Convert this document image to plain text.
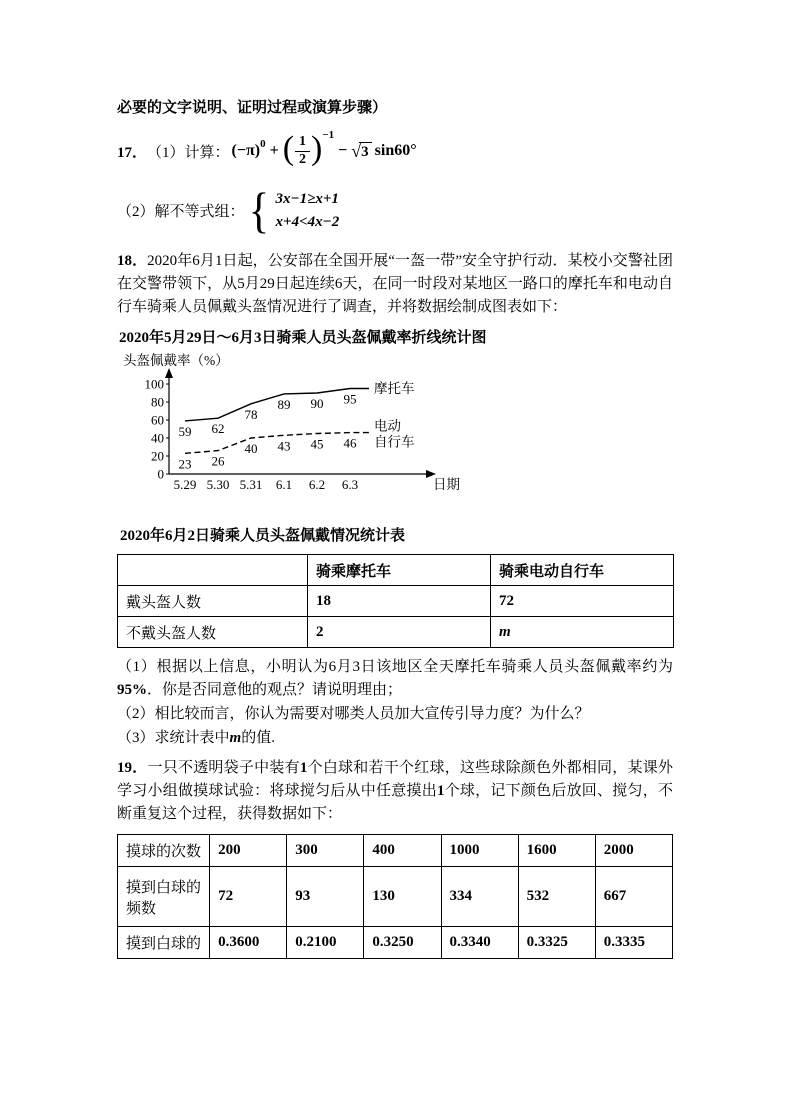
必要的文字说明、证明过程或演算步骤）

17． （1）计算： (−π) 0 + ( $\frac{1}{2}$ ) −1
− √ 3 sin60°
（2）解不等式组： { 3x−1≥x+1
x+4<4x−2

18．2020年6月1日起，公安部在全国开展“一盔一带”安全守护行动．某校小交警社团在交警带领下，从5月29日起连续6天，在同一时段对某地区一路口的摩托车和电动自行车骑乘人员佩戴头盔情况进行了调查，并将数据绘制成图表如下：

2020年5月29日～6月3日骑乘人员头盔佩戴率折线统计图
头盔佩戴率（%）
0
20
40
60
80
100
5.29 5.30 5.31 6.1 6.2 6.3	日期
59 62
78
89 90 95
摩托车
23 26
40 43 45 46
电动
自行车
2020年6月2日骑乘人员头盔佩戴情况统计表
	骑乘摩托车	骑乘电动自行车
戴头盔人数	18	72
不戴头盔人数	2	m

（1）根据以上信息，小明认为6月3日该地区全天摩托车骑乘人员头盔佩戴率约为95%．你是否同意他的观点？请说明理由；

（2）相比较而言，你认为需要对哪类人员加大宣传引导力度？为什么？

（3）求统计表中m的值.

19．一只不透明袋子中装有1个白球和若干个红球，这些球除颜色外都相同，某课外学习小组做摸球试验：将球搅匀后从中任意摸出1个球，记下颜色后放回、搅匀，不断重复这个过程，获得数据如下：

摸球的次数	200	300	400	1000	1600	2000
摸到白球的频数	72	93	130	334	532	667
摸到白球的	0.3600	0.2100	0.3250	0.3340	0.3325	0.3335
